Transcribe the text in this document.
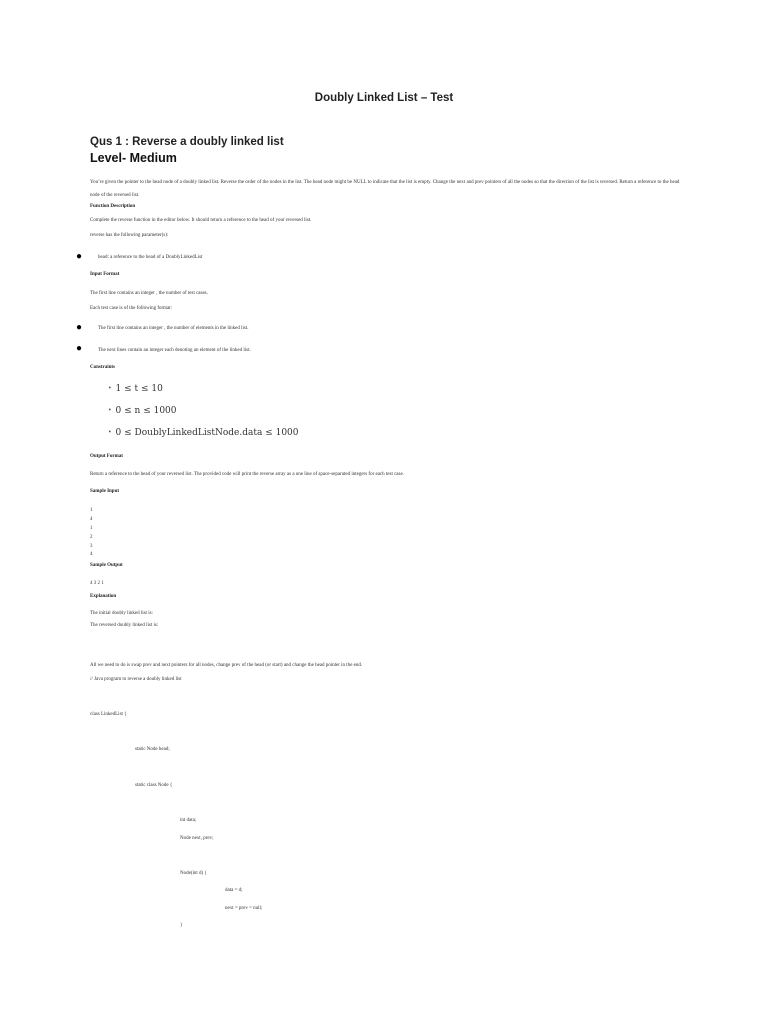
Doubly Linked List – Test
Qus 1 : Reverse a doubly linked list
Level- Medium
You’re given the pointer to the head node of a doubly linked list. Reverse the order of the nodes in the list. The head node might be NULL to indicate that the list is empty. Change the next and prev pointers of all the nodes so that the direction of the list is reversed. Return a reference to the head node of the reversed list.
Function Description
Complete the reverse function in the editor below. It should return a reference to the head of your reversed list.
reverse has the following parameter(s):
●	head: a reference to the head of a DoublyLinkedList
Input Format
The first line contains an integer , the number of test cases.
Each test case is of the following format:
●	The first line contains an integer , the number of elements in the linked list.
●	The next lines contain an integer each denoting an element of the linked list.
Constraints
• 1 ≤ t ≤ 10
• 0 ≤ n ≤ 1000
• 0 ≤ DoublyLinkedListNode.data ≤ 1000
Output Format
Return a reference to the head of your reversed list. The provided code will print the reverse array as a one line of space-separated integers for each test case.
Sample Input
1
4
1
2
3
4
Sample Output
4 3 2 1
Explanation
The initial doubly linked list is:
The reversed doubly linked list is:
All we need to do is swap prev and next pointers for all nodes, change prev of the head (or start) and change the head pointer in the end.
// Java program to reverse a doubly linked list
class LinkedList {
static Node head;
static class Node {
int data;
Node next, prev;
Node(int d) {
data = d;
next = prev = null;
}
